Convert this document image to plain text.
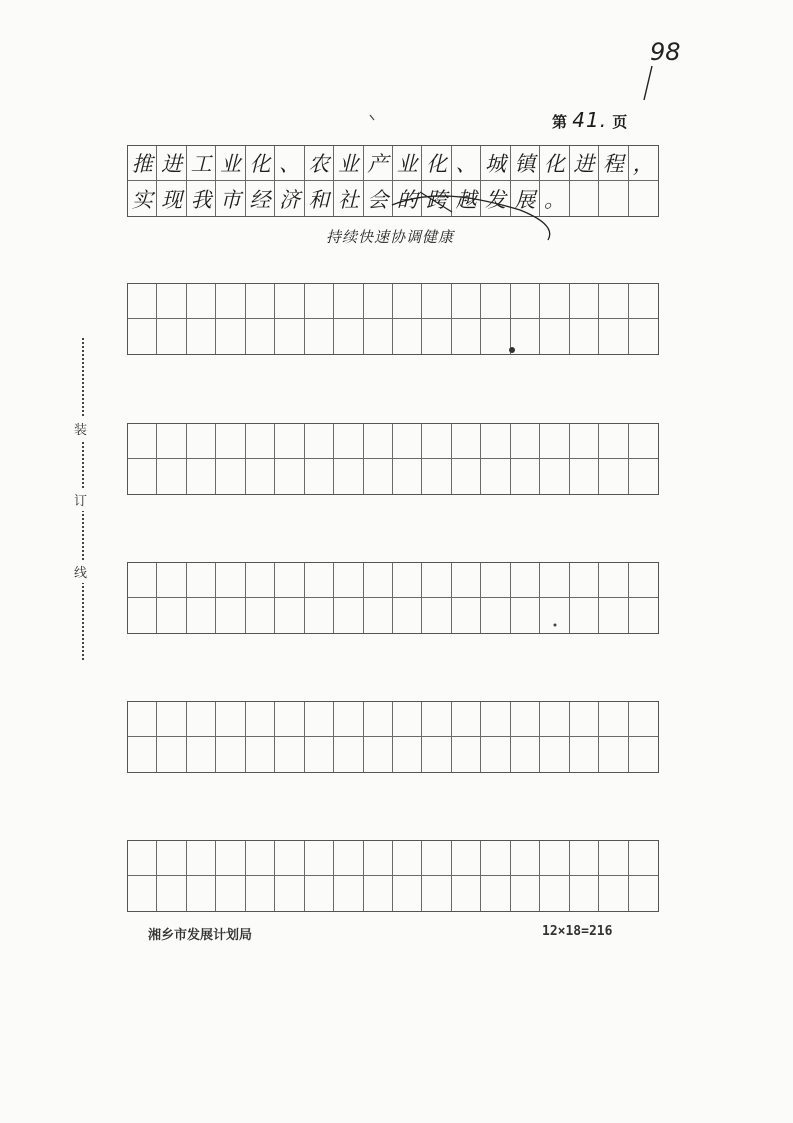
98
第 41. 页
推 进 工 业 化 、 农 业 产 业 化 、 城 镇 化 进 程 ，
实 现 我 市 经 济 和 社 会 的 跨 越 发 展 。
持续快速协调健康
装
订
线
湘乡市发展计划局	12×18=216
